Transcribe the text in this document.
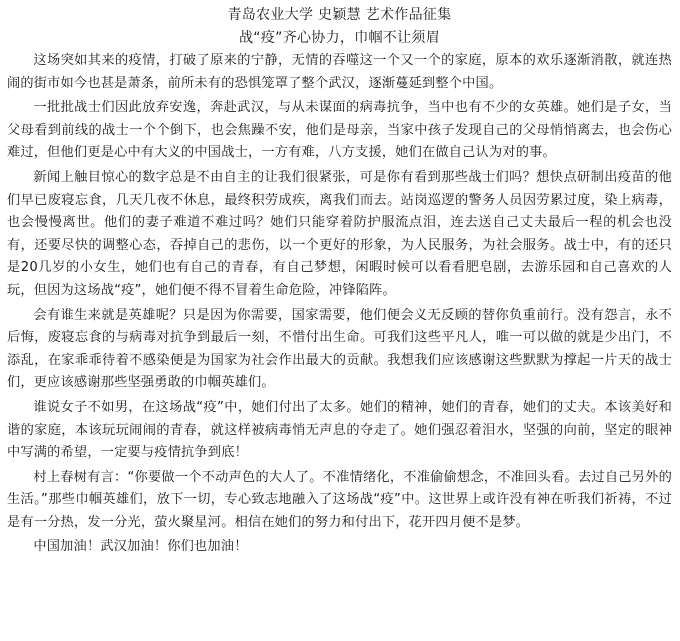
青岛农业大学 史颖慧 艺术作品征集
战“疫”齐心协力，巾帼不让须眉

这场突如其来的疫情，打破了原来的宁静，无情的吞噬这一个又一个的家庭，原本的欢乐逐渐消散，就连热闹的街市如今也甚是萧条，前所未有的恐惧笼罩了整个武汉，逐渐蔓延到整个中国。

一批批战士们因此放弃安逸，奔赴武汉，与从未谋面的病毒抗争，当中也有不少的女英雄。她们是子女，当父母看到前线的战士一个个倒下，也会焦躁不安，他们是母亲，当家中孩子发现自己的父母悄悄离去，也会伤心难过，但他们更是心中有大义的中国战士，一方有难，八方支援，她们在做自己认为对的事。

新闻上触目惊心的数字总是不由自主的让我们很紧张，可是你有看到那些战士们吗？想快点研制出疫苗的他们早已废寝忘食，几天几夜不休息，最终积劳成疾，离我们而去。站岗巡逻的警务人员因劳累过度，染上病毒，也会慢慢离世。他们的妻子难道不难过吗？她们只能穿着防护服流点泪，连去送自己丈夫最后一程的机会也没有，还要尽快的调整心态，吞掉自己的悲伤，以一个更好的形象，为人民服务，为社会服务。战士中，有的还只是20几岁的小女生，她们也有自己的青春，有自己梦想，闲暇时候可以看看肥皂剧，去游乐园和自己喜欢的人玩，但因为这场战“疫”，她们便不得不冒着生命危险，冲锋陷阵。

会有谁生来就是英雄呢？只是因为你需要，国家需要，他们便会义无反顾的替你负重前行。没有怨言，永不后悔，废寝忘食的与病毒对抗争到最后一刻，不惜付出生命。可我们这些平凡人，唯一可以做的就是少出门，不添乱，在家乖乖待着不感染便是为国家为社会作出最大的贡献。我想我们应该感谢这些默默为撑起一片天的战士们，更应该感谢那些坚强勇敢的巾帼英雄们。

谁说女子不如男，在这场战“疫”中，她们付出了太多。她们的精神，她们的青春，她们的丈夫。本该美好和谐的家庭，本该玩玩闹闹的青春，就这样被病毒悄无声息的夺走了。她们强忍着泪水，坚强的向前，坚定的眼神中写满的希望，一定要与疫情抗争到底！

村上春树有言：“你要做一个不动声色的大人了。不准情绪化，不准偷偷想念，不准回头看。去过自己另外的生活。”那些巾帼英雄们，放下一切，专心致志地融入了这场战“疫”中。这世界上或许没有神在听我们祈祷，不过是有一分热，发一分光，萤火聚星河。相信在她们的努力和付出下，花开四月便不是梦。

中国加油！武汉加油！你们也加油！
